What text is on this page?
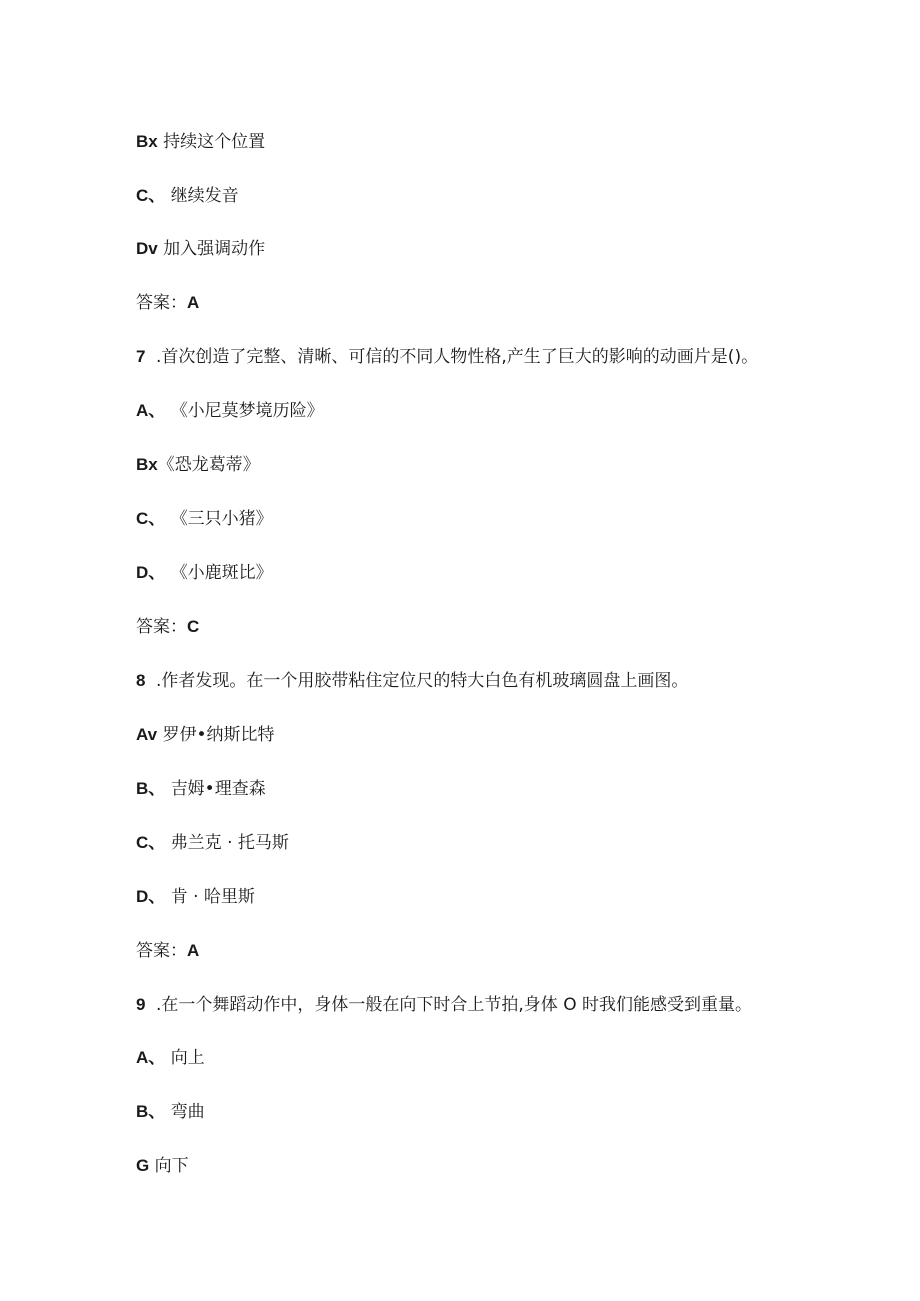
Bx 持续这个位置
C、 继续发音
Dv 加入强调动作
答案：A
7 .首次创造了完整、清晰、可信的不同人物性格,产生了巨大的影响的动画片是()。
A、 《小尼莫梦境历险》
Bx《恐龙葛蒂》
C、 《三只小猪》
D、 《小鹿斑比》
答案：C
8 .作者发现。在一个用胶带粘住定位尺的特大白色有机玻璃圆盘上画图。
Av 罗伊•纳斯比特
B、 吉姆•理查森
C、 弗兰克 · 托马斯
D、 肯 · 哈里斯
答案：A
9 .在一个舞蹈动作中，身体一般在向下时合上节拍,身体 O 时我们能感受到重量。
A、 向上
B、 弯曲
G 向下
